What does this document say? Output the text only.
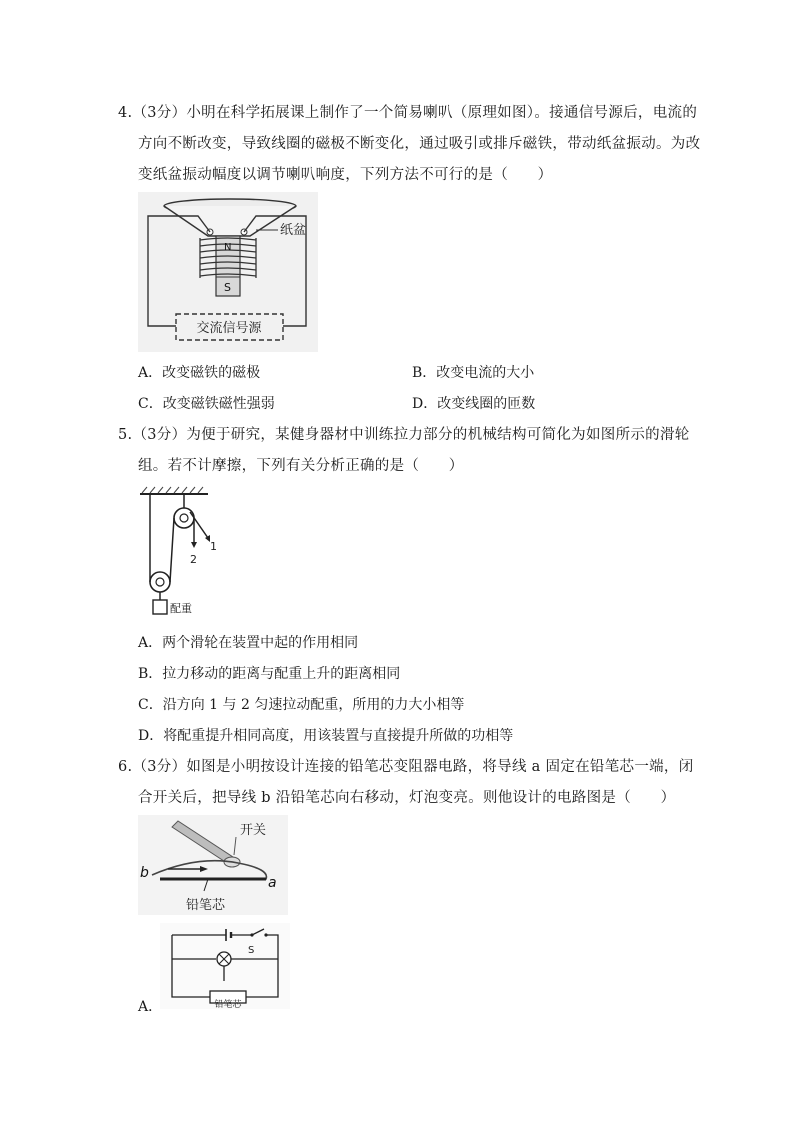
4.（3分）小明在科学拓展课上制作了一个简易喇叭（原理如图）。接通信号源后，电流的
方向不断改变，导致线圈的磁极不断变化，通过吸引或排斥磁铁，带动纸盆振动。为改
变纸盆振动幅度以调节喇叭响度，下列方法不可行的是（　　）
N
S
纸盆
交流信号源
A．改变磁铁的磁极	B．改变电流的大小
C．改变磁铁磁性强弱	D．改变线圈的匝数
5.（3分）为便于研究，某健身器材中训练拉力部分的机械结构可简化为如图所示的滑轮
组。若不计摩擦，下列有关分析正确的是（　　）
1
2
配重
A．两个滑轮在装置中起的作用相同
B．拉力移动的距离与配重上升的距离相同
C．沿方向 1 与 2 匀速拉动配重，所用的力大小相等
D．将配重提升相同高度，用该装置与直接提升所做的功相等
6.（3分）如图是小明按设计连接的铅笔芯变阻器电路，将导线 a 固定在铅笔芯一端，闭
合开关后，把导线 b 沿铅笔芯向右移动，灯泡变亮。则他设计的电路图是（　　）
开关
b
a
铅笔芯
S
铅笔芯
A．
